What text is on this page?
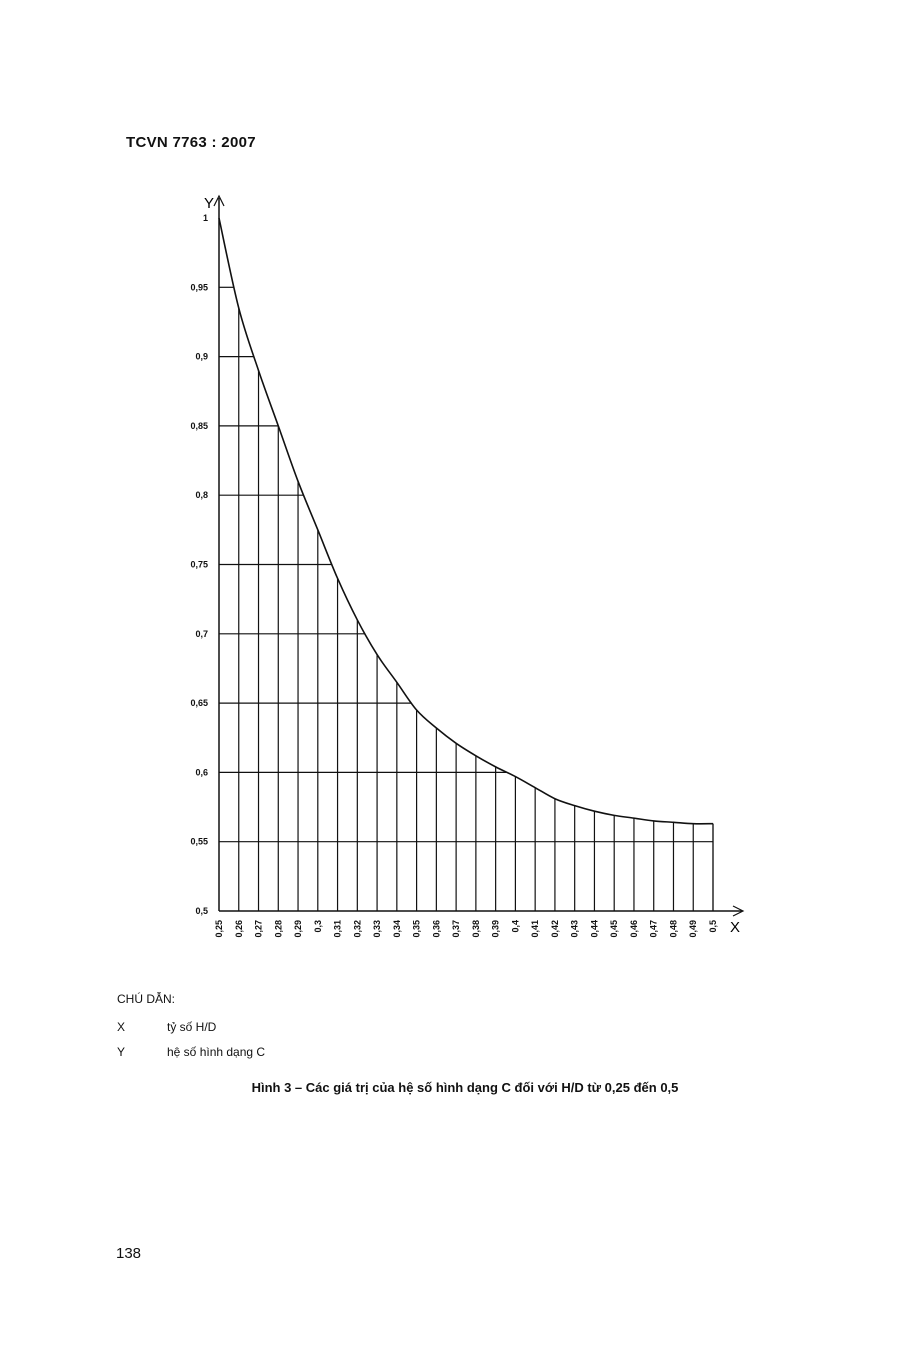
TCVN 7763 : 2007
0,5
0,55
0,6
0,65
0,7
0,75
0,8
0,85
0,9
0,95
1
0,25 0,26 0,27 0,28 0,29 0,3 0,31 0,32 0,33 0,34 0,35 0,36 0,37 0,38 0,39 0,4 0,41 0,42 0,43 0,44 0,45 0,46 0,47 0,48 0,49 0,5
Y
X
CHÚ DẪN:
X	tỷ số H/D
Y	hệ số hình dạng C
Hình 3 – Các giá trị của hệ số hình dạng C đối với H/D từ 0,25 đến 0,5
138
